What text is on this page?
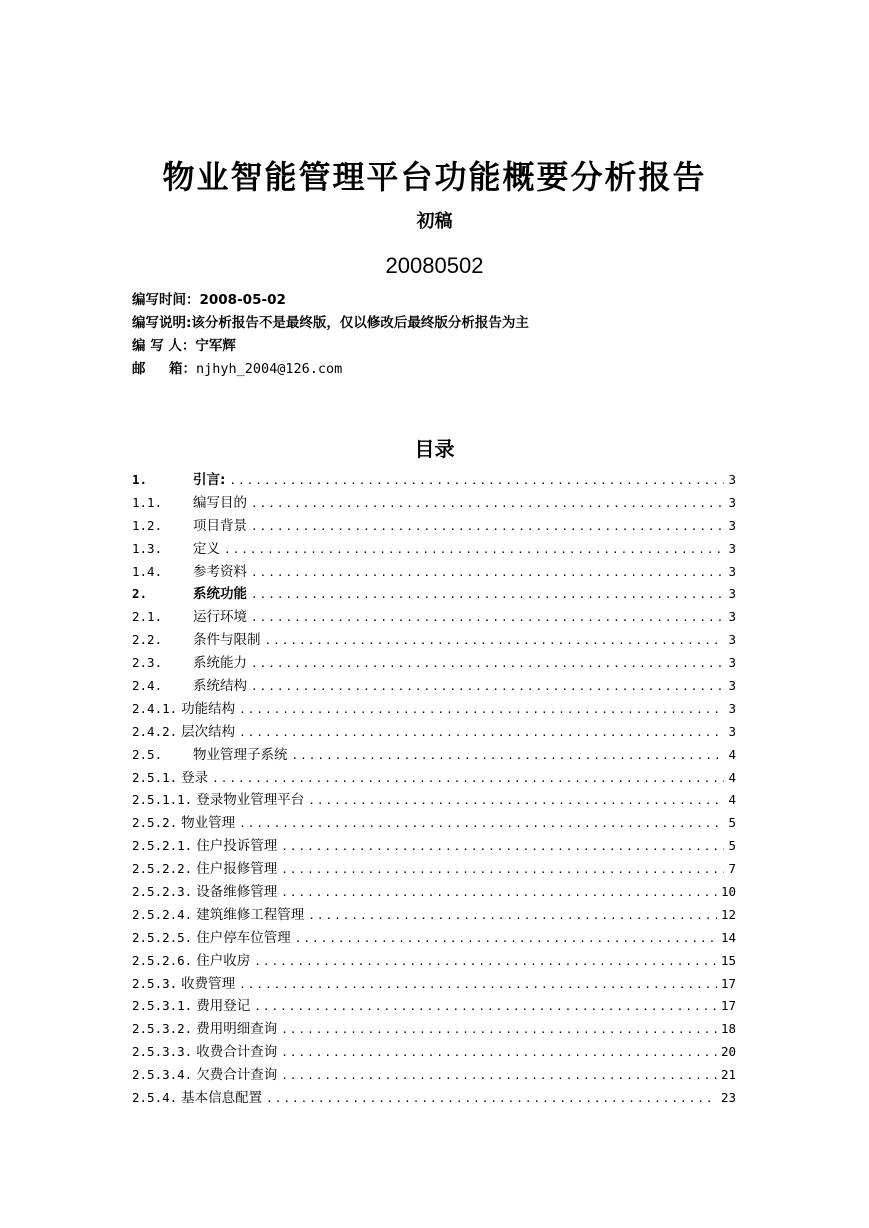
物业智能管理平台功能概要分析报告
初稿
20080502
编写时间：2008-05-02
编写说明:该分析报告不是最终版，仅以修改后最终版分析报告为主
编 写 人：宁军辉
邮     箱：njhyh_2004@126.com
目录
1.	引言: .....	3
1.1.	编写目的 .....	3
1.2.	项目背景 .....	3
1.3.	定义 .....	3
1.4.	参考资料 .....	3
2.	系统功能 .....	3
2.1.	运行环境 .....	3
2.2.	条件与限制 .....	3
2.3.	系统能力 .....	3
2.4.	系统结构 .....	3
2.4.1. 功能结构 .....	3
2.4.2. 层次结构 .....	3
2.5.	物业管理子系统 .....	4
2.5.1. 登录 .....	4
2.5.1.1. 登录物业管理平台 .....	4
2.5.2. 物业管理 .....	5
2.5.2.1. 住户投诉管理 .....	5
2.5.2.2. 住户报修管理 .....	7
2.5.2.3. 设备维修管理 .....	10
2.5.2.4. 建筑维修工程管理 .....	12
2.5.2.5. 住户停车位管理 .....	14
2.5.2.6. 住户收房 .....	15
2.5.3. 收费管理 .....	17
2.5.3.1. 费用登记 .....	17
2.5.3.2. 费用明细查询 .....	18
2.5.3.3. 收费合计查询 .....	20
2.5.3.4. 欠费合计查询 .....	21
2.5.4. 基本信息配置 .....	23
